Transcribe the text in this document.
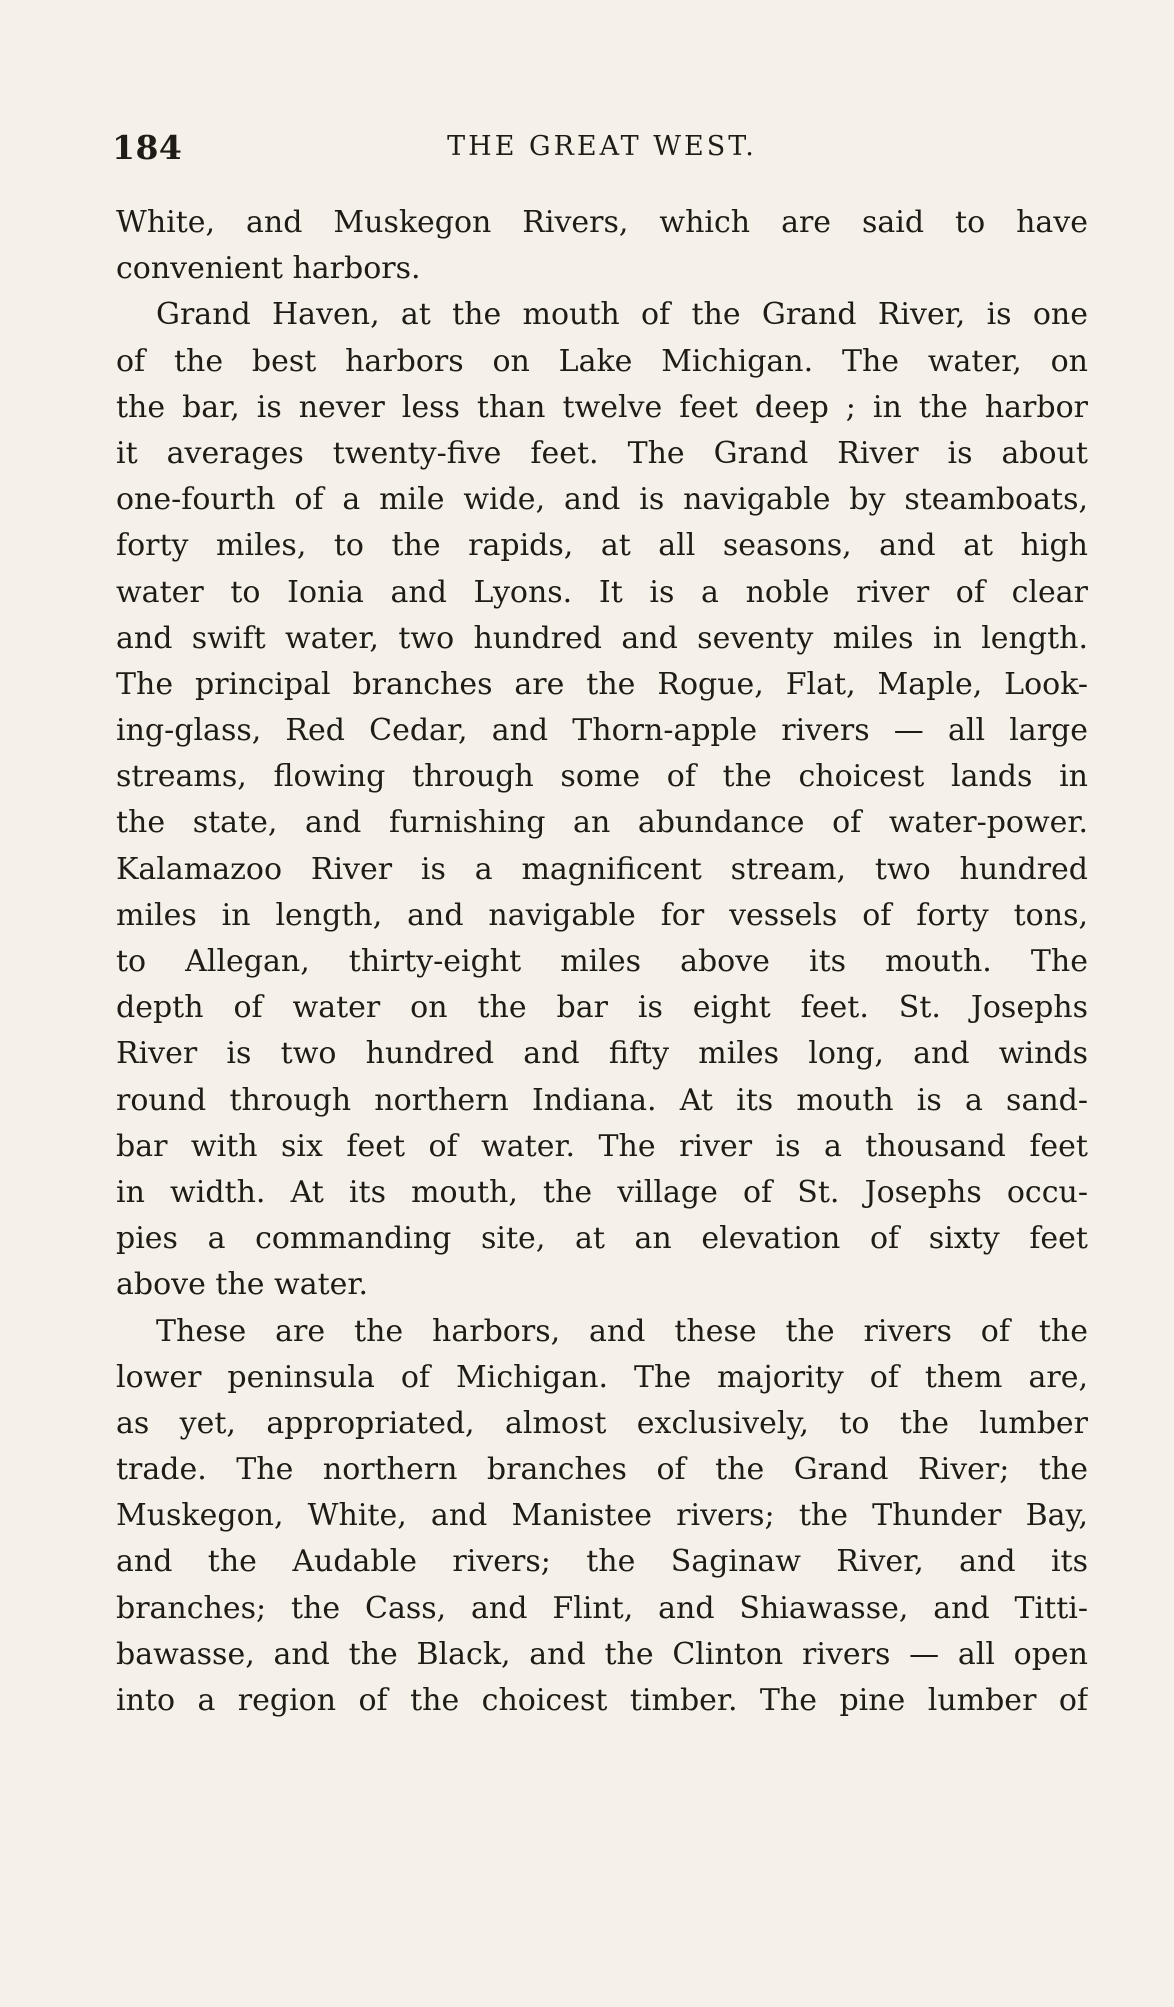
184	THE GREAT WEST.
White, and Muskegon Rivers, which are said to have
convenient harbors.
Grand Haven, at the mouth of the Grand River, is one
of the best harbors on Lake Michigan. The water, on
the bar, is never less than twelve feet deep ; in the harbor
it averages twenty-five feet. The Grand River is about
one-fourth of a mile wide, and is navigable by steamboats,
forty miles, to the rapids, at all seasons, and at high
water to Ionia and Lyons. It is a noble river of clear
and swift water, two hundred and seventy miles in length.
The principal branches are the Rogue, Flat, Maple, Look-
ing-glass, Red Cedar, and Thorn-apple rivers — all large
streams, flowing through some of the choicest lands in
the state, and furnishing an abundance of water-power.
Kalamazoo River is a magnificent stream, two hundred
miles in length, and navigable for vessels of forty tons,
to Allegan, thirty-eight miles above its mouth. The
depth of water on the bar is eight feet. St. Josephs
River is two hundred and fifty miles long, and winds
round through northern Indiana. At its mouth is a sand-
bar with six feet of water. The river is a thousand feet
in width. At its mouth, the village of St. Josephs occu-
pies a commanding site, at an elevation of sixty feet
above the water.
These are the harbors, and these the rivers of the
lower peninsula of Michigan. The majority of them are,
as yet, appropriated, almost exclusively, to the lumber
trade. The northern branches of the Grand River; the
Muskegon, White, and Manistee rivers; the Thunder Bay,
and the Audable rivers; the Saginaw River, and its
branches; the Cass, and Flint, and Shiawasse, and Titti-
bawasse, and the Black, and the Clinton rivers — all open
into a region of the choicest timber. The pine lumber of
